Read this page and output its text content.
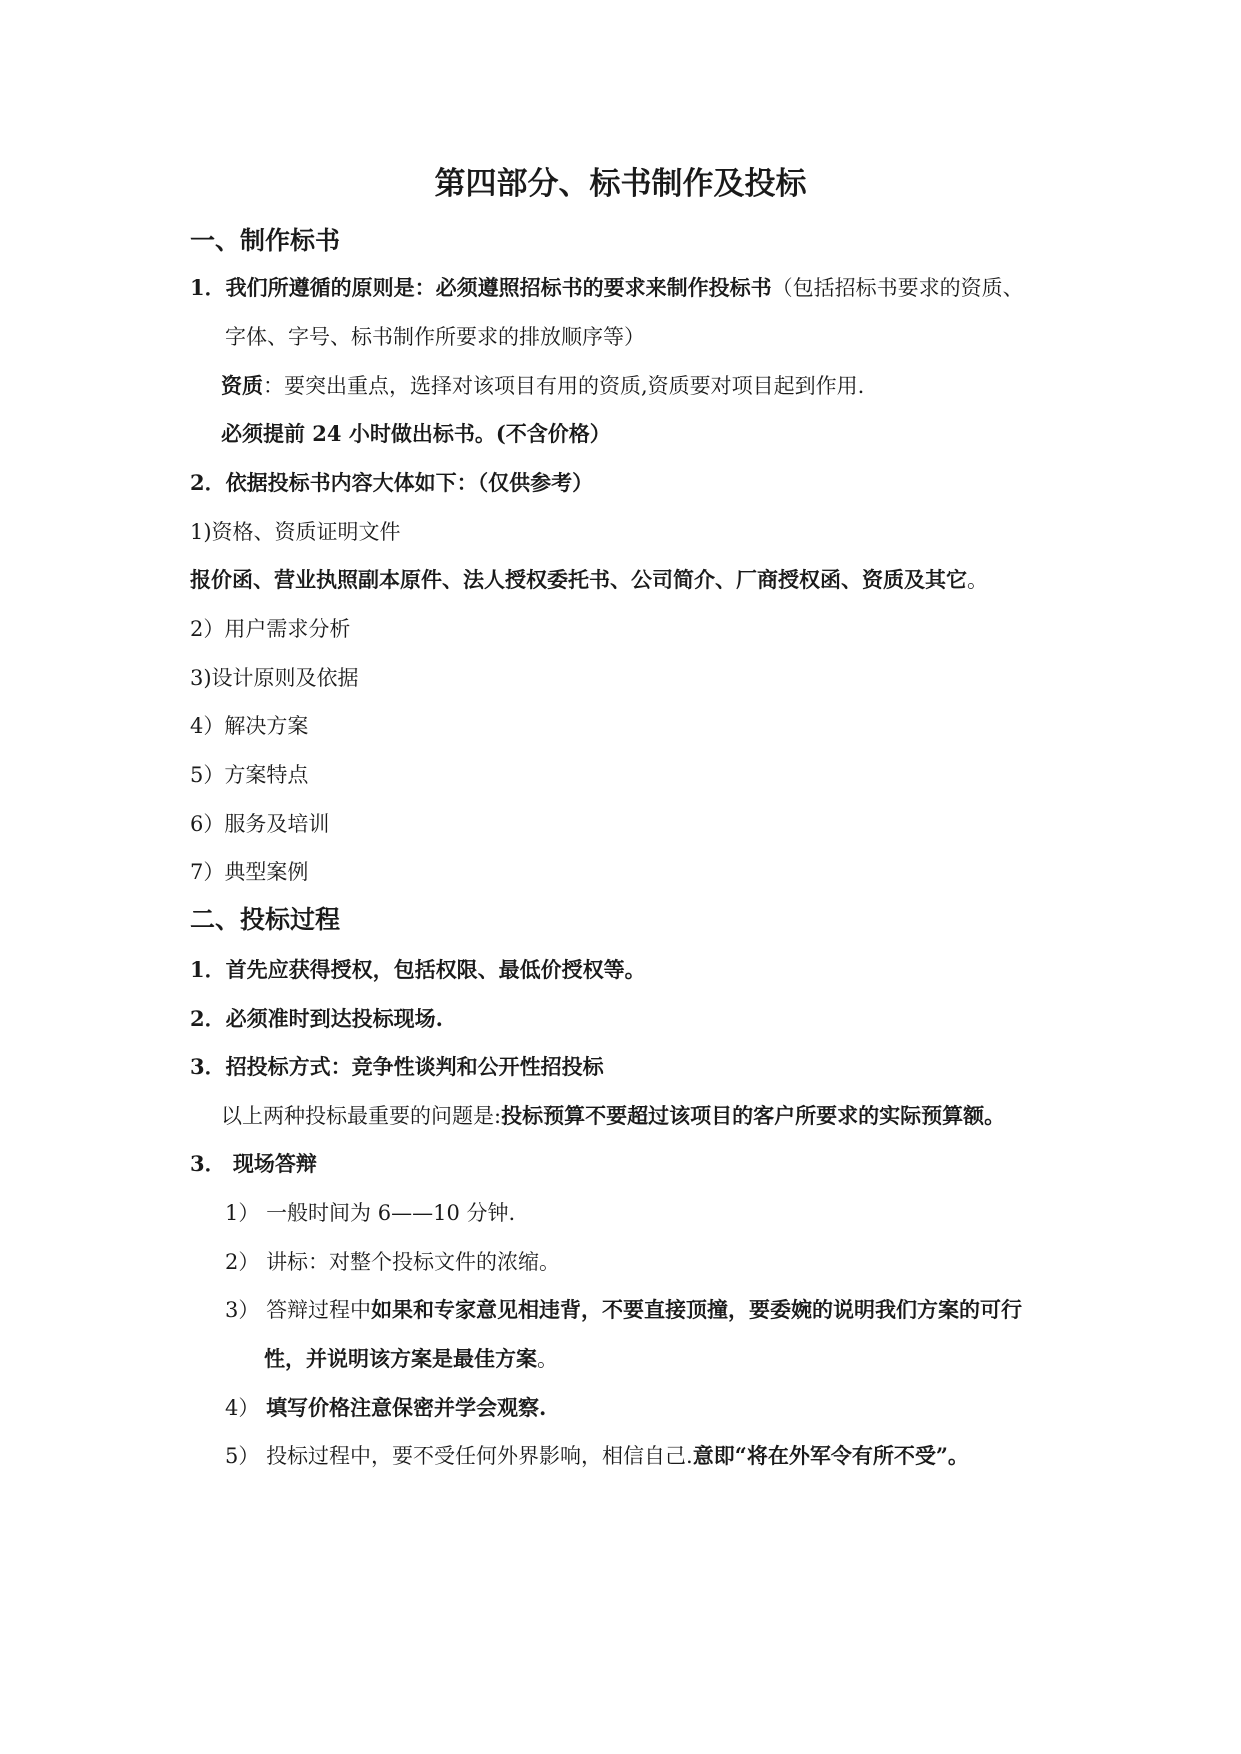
第四部分、标书制作及投标
一、制作标书
1．我们所遵循的原则是：必须遵照招标书的要求来制作投标书（包括招标书要求的资质、
字体、字号、标书制作所要求的排放顺序等）
资质：要突出重点，选择对该项目有用的资质,资质要对项目起到作用.
必须提前 24 小时做出标书。(不含价格）
2．依据投标书内容大体如下：（仅供参考）
1)资格、资质证明文件
报价函、营业执照副本原件、法人授权委托书、公司简介、厂商授权函、资质及其它。
2）用户需求分析
3)设计原则及依据
4）解决方案
5）方案特点
6）服务及培训
7）典型案例
二、投标过程
1．首先应获得授权，包括权限、最低价授权等。
2．必须准时到达投标现场.
3．招投标方式：竞争性谈判和公开性招投标
以上两种投标最重要的问题是:投标预算不要超过该项目的客户所要求的实际预算额。
3． 现场答辩
1） 一般时间为 6——10 分钟.
2） 讲标：对整个投标文件的浓缩。
3） 答辩过程中如果和专家意见相违背，不要直接顶撞，要委婉的说明我们方案的可行
性，并说明该方案是最佳方案。
4） 填写价格注意保密并学会观察.
5） 投标过程中，要不受任何外界影响，相信自己.意即“将在外军令有所不受”。
